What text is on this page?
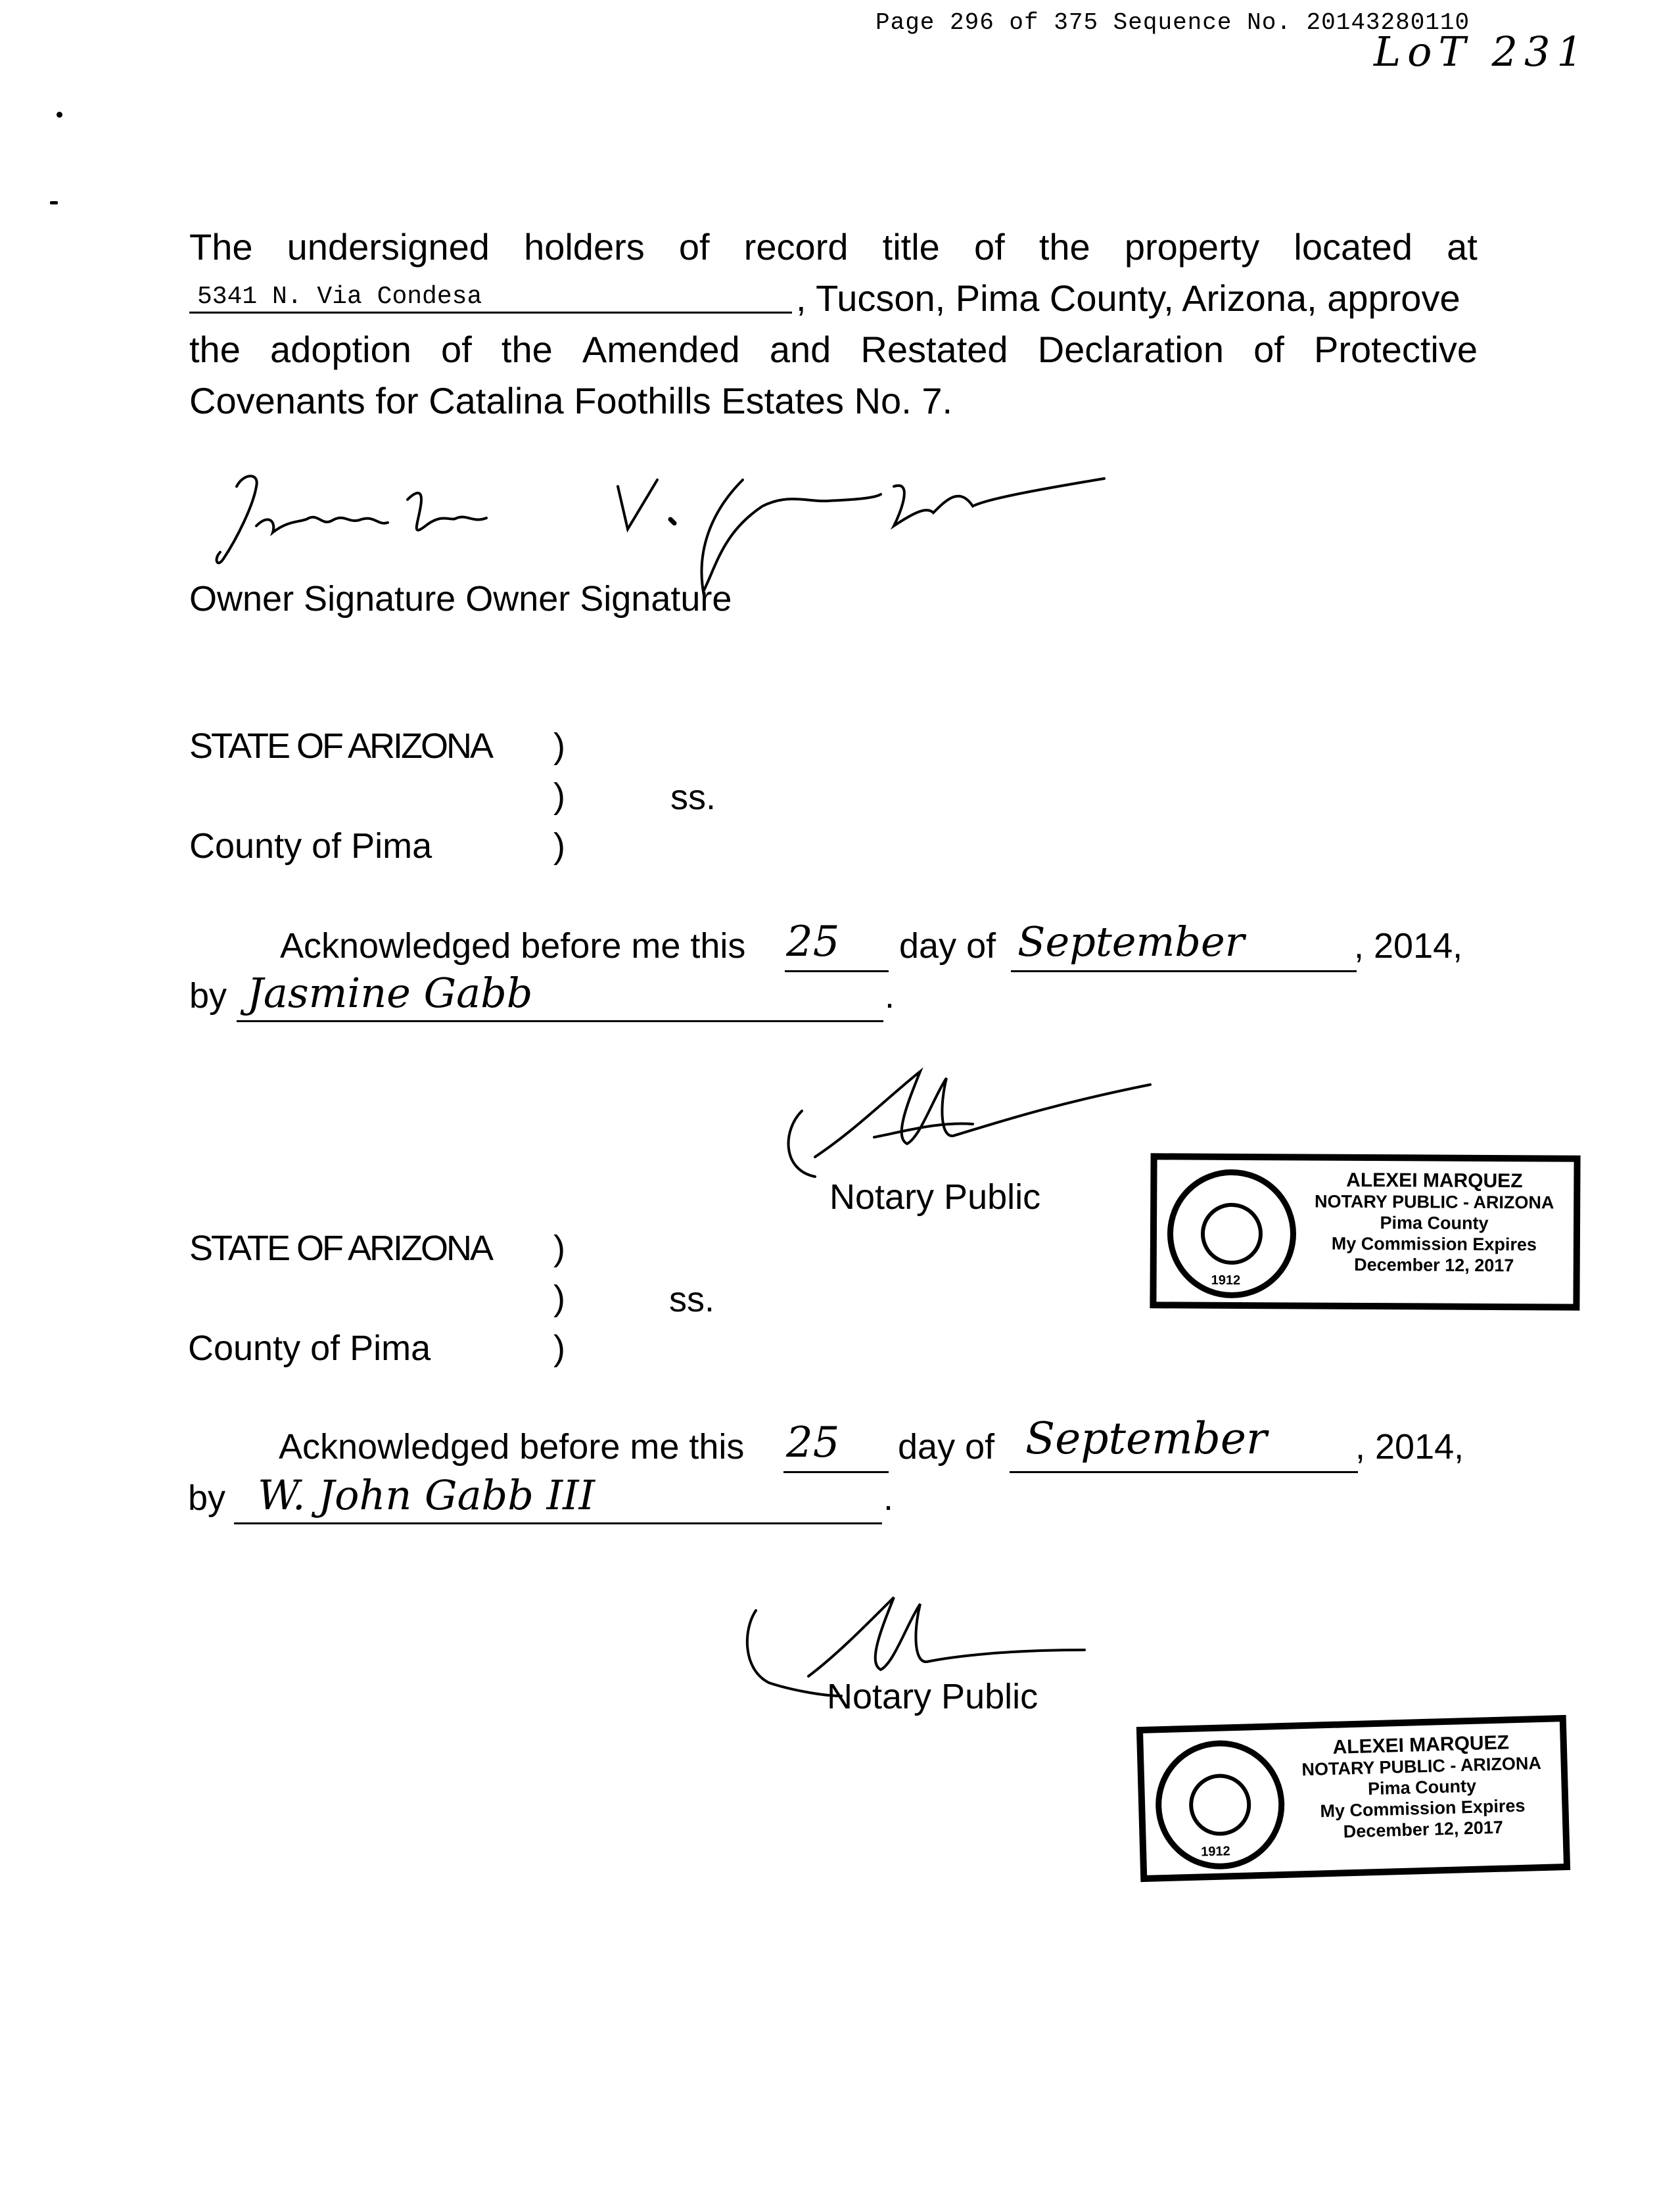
Page 296 of 375 Sequence No. 20143280110
LoT 231
The undersigned holders of record title of the property located at
5341 N. Via Condesa	, Tucson, Pima County, Arizona, approve
the adoption of the Amended and Restated Declaration of Protective
Covenants for Catalina Foothills Estates No. 7.
Owner Signature Owner Signature
STATE OF ARIZONA )
)	ss.
County of Pima	)
Acknowledged before me this 25 day of September	, 2014,
by Jasmine Gabb	.
Notary Public
1912
ALEXEI MARQUEZ
NOTARY PUBLIC - ARIZONA
Pima County
My Commission Expires
December 12, 2017
STATE OF ARIZONA )
)	ss.
County of Pima	)
Acknowledged before me this 25 day of September , 2014,
by W. John Gabb III	.
Notary Public
1912
ALEXEI MARQUEZ
NOTARY PUBLIC - ARIZONA
Pima County
My Commission Expires
December 12, 2017
